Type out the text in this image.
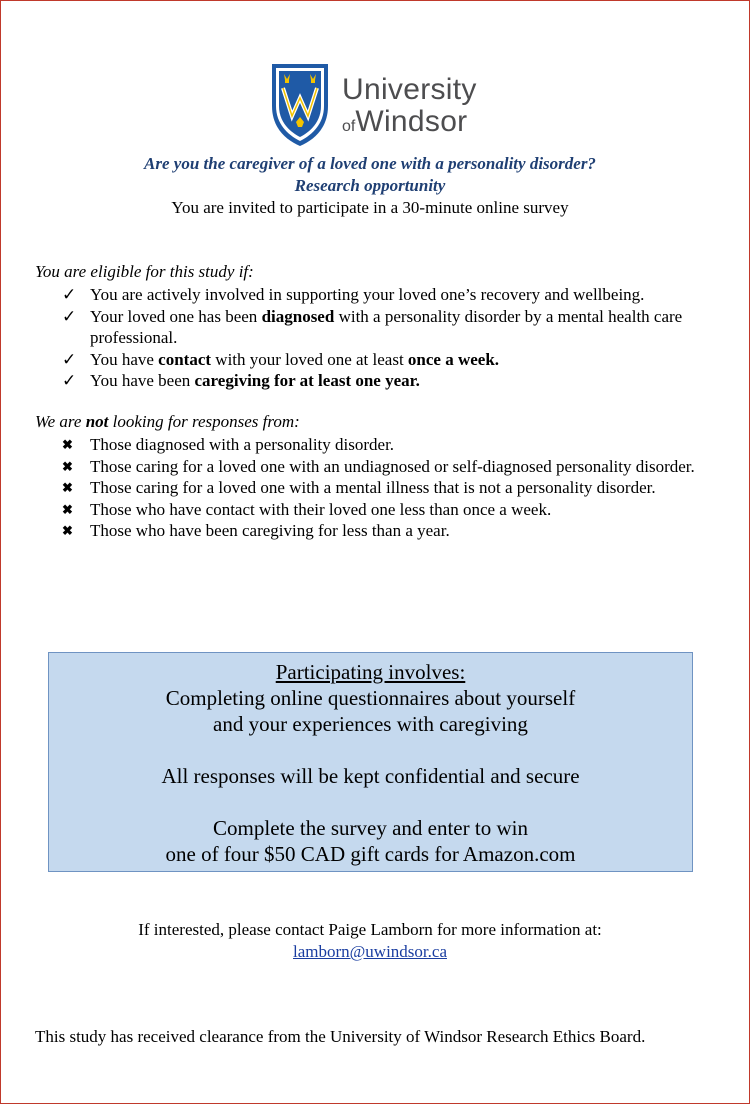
University
ofWindsor
Are you the caregiver of a loved one with a personality disorder?
Research opportunity
You are invited to participate in a 30-minute online survey
You are eligible for this study if:
✓ You are actively involved in supporting your loved one’s recovery and wellbeing.
✓ Your loved one has been diagnosed with a personality disorder by a mental health care professional.
✓ You have contact with your loved one at least once a week.
✓ You have been caregiving for at least one year.
We are not looking for responses from:
✖	Those diagnosed with a personality disorder.
✖	Those caring for a loved one with an undiagnosed or self-diagnosed personality disorder.
✖	Those caring for a loved one with a mental illness that is not a personality disorder.
✖	Those who have contact with their loved one less than once a week.
✖	Those who have been caregiving for less than a year.

Participating involves:

Completing online questionnaires about yourself

and your experiences with caregiving

All responses will be kept confidential and secure

Complete the survey and enter to win

one of four $50 CAD gift cards for Amazon.com

If interested, please contact Paige Lamborn for more information at:
lamborn@uwindsor.ca
This study has received clearance from the University of Windsor Research Ethics Board.
